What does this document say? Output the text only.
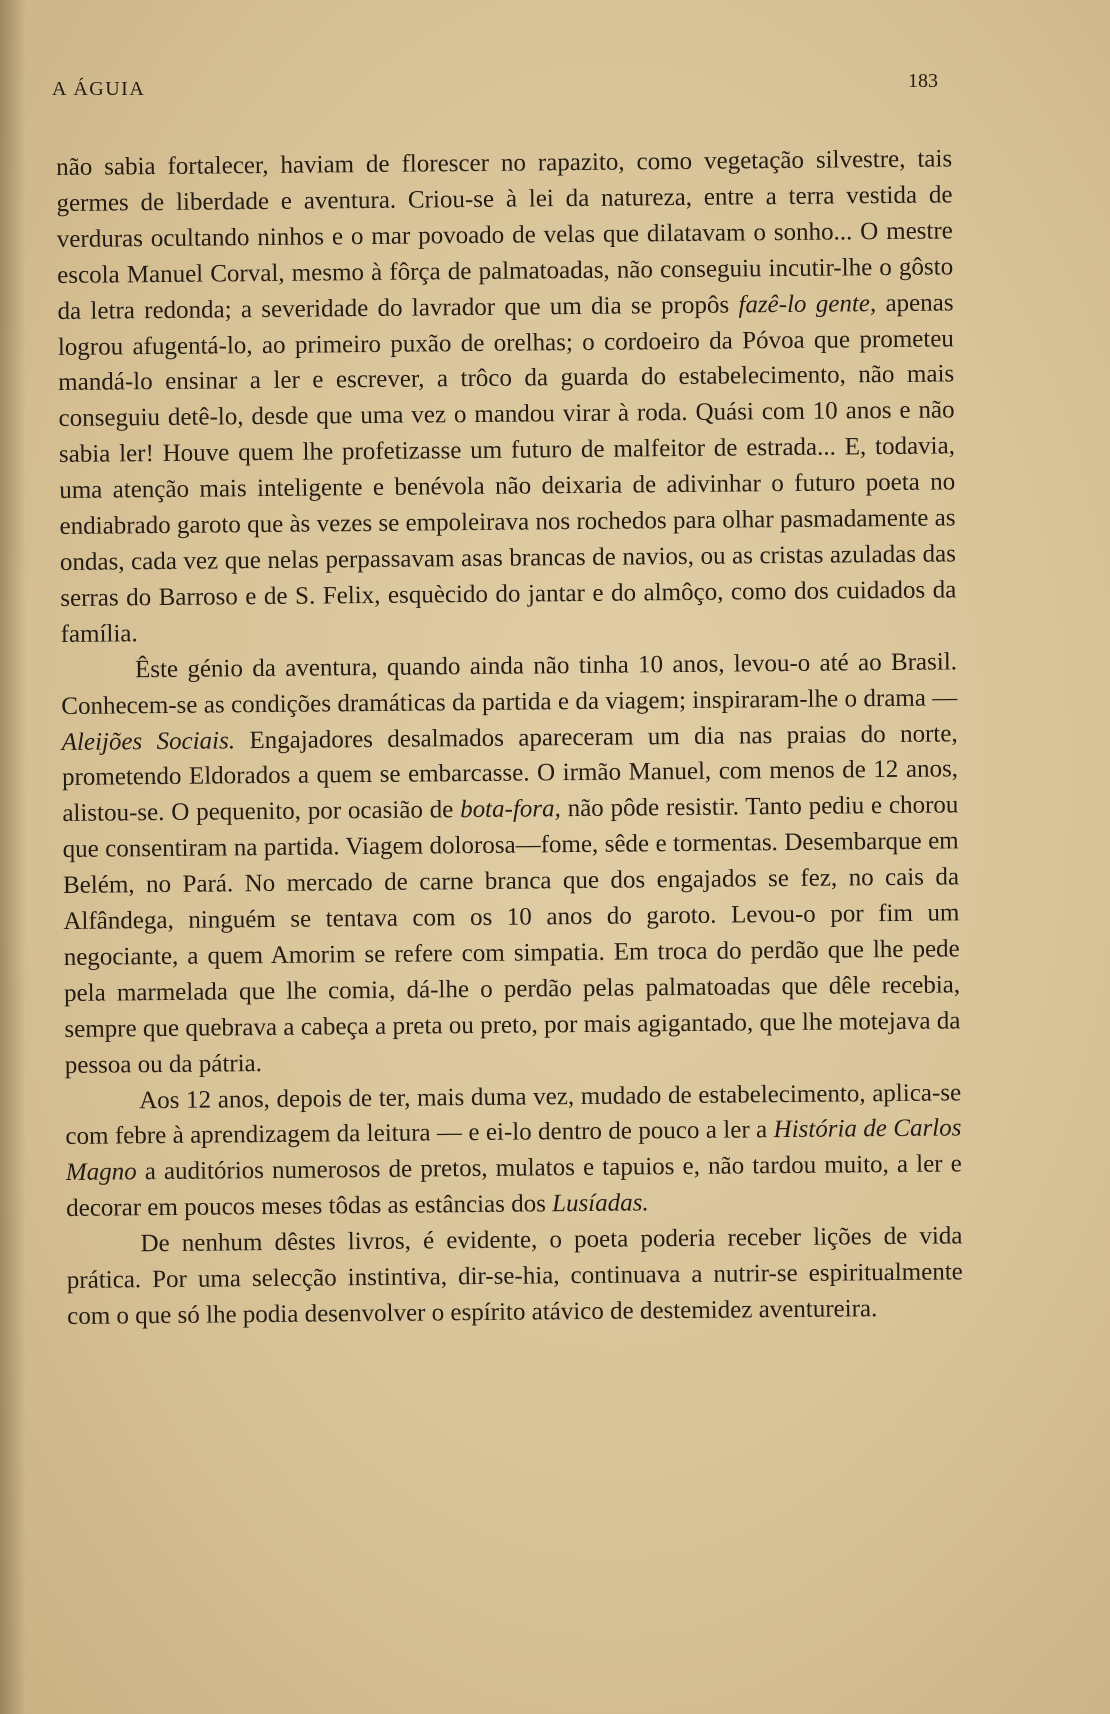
A ÁGUIA	183

não sabia fortalecer, haviam de florescer no rapazito, como vegetação silvestre, tais germes de liberdade e aventura. Criou-se à lei da natureza, entre a terra vestida de verduras ocultando ninhos e o mar povoado de velas que dilatavam o sonho... O mestre escola Manuel Corval, mesmo à fôrça de palmatoadas, não conseguiu incutir-lhe o gôsto da letra redonda; a severidade do lavrador que um dia se propôs fazê-lo gente, apenas logrou afugentá-lo, ao primeiro puxão de orelhas; o cordoeiro da Póvoa que prometeu mandá-lo ensinar a ler e escrever, a trôco da guarda do estabelecimento, não mais conseguiu detê-lo, desde que uma vez o mandou virar à roda. Quási com 10 anos e não sabia ler! Houve quem lhe profetizasse um futuro de malfeitor de estrada... E, todavia, uma atenção mais inteligente e benévola não deixaria de adivinhar o futuro poeta no endiabrado garoto que às vezes se empoleirava nos rochedos para olhar pasmadamente as ondas, cada vez que nelas perpassavam asas brancas de navios, ou as cristas azuladas das serras do Barroso e de S. Felix, esquècido do jantar e do almôço, como dos cuidados da família.

Êste génio da aventura, quando ainda não tinha 10 anos, levou-o até ao Brasil. Conhecem-se as condições dramáticas da partida e da viagem; inspiraram-lhe o drama — Aleijões Sociais. Engajadores desalmados apareceram um dia nas praias do norte, prometendo Eldorados a quem se embarcasse. O irmão Manuel, com menos de 12 anos, alistou-se. O pequenito, por ocasião de bota-fora, não pôde resistir. Tanto pediu e chorou que consentiram na partida. Viagem dolorosa—fome, sêde e tormentas. Desembarque em Belém, no Pará. No mercado de carne branca que dos engajados se fez, no cais da Alfândega, ninguém se tentava com os 10 anos do garoto. Levou-o por fim um negociante, a quem Amorim se refere com simpatia. Em troca do perdão que lhe pede pela marmelada que lhe comia, dá-lhe o perdão pelas palmatoadas que dêle recebia, sempre que quebrava a cabeça a preta ou preto, por mais agigantado, que lhe motejava da pessoa ou da pátria.

Aos 12 anos, depois de ter, mais duma vez, mudado de estabelecimento, aplica-se com febre à aprendizagem da leitura — e ei-lo dentro de pouco a ler a História de Carlos Magno a auditórios numerosos de pretos, mulatos e tapuios e, não tardou muito, a ler e decorar em poucos meses tôdas as estâncias dos Lusíadas.

De nenhum dêstes livros, é evidente, o poeta poderia receber lições de vida prática. Por uma selecção instintiva, dir-se-hia, continuava a nutrir-se espiritualmente com o que só lhe podia desenvolver o espírito atávico de destemidez aventureira.
